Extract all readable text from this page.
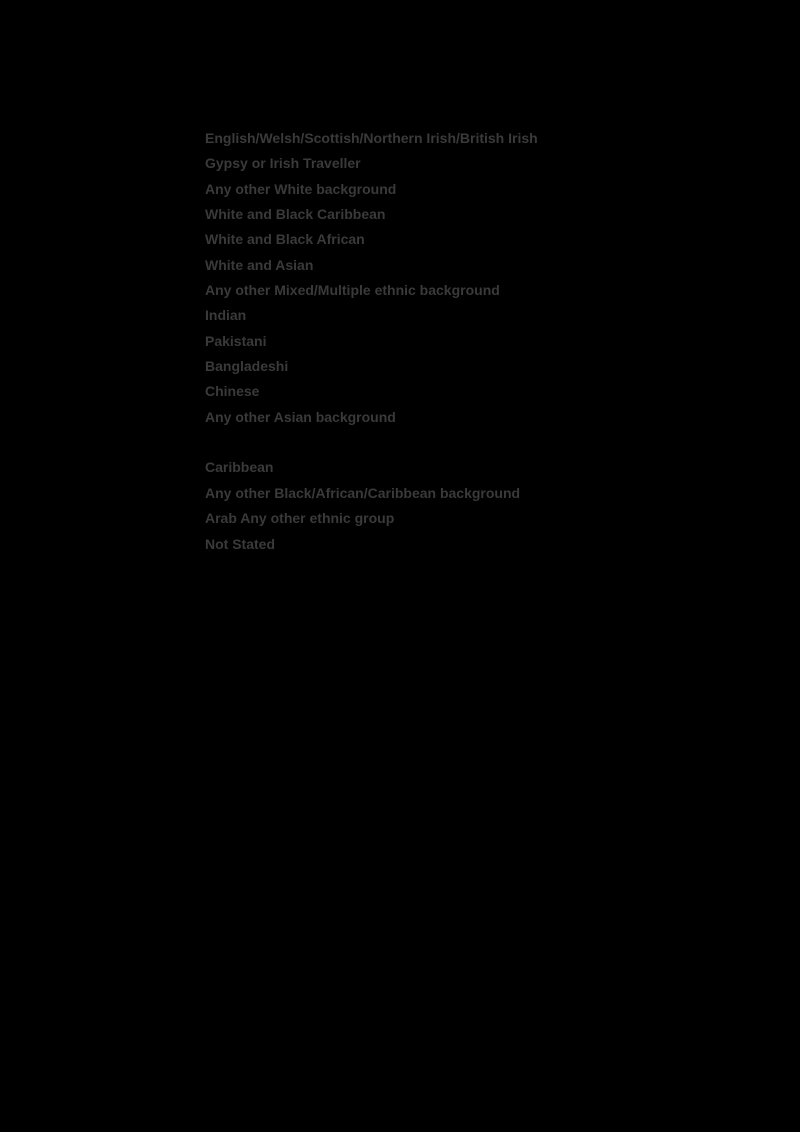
English/Welsh/Scottish/Northern Irish/British Irish
Gypsy or Irish Traveller
Any other White background
White and Black Caribbean
White and Black African
White and Asian
Any other Mixed/Multiple ethnic background
Indian
Pakistani
Bangladeshi
Chinese
Any other Asian background
Caribbean
Any other Black/African/Caribbean background
Arab Any other ethnic group
Not Stated
